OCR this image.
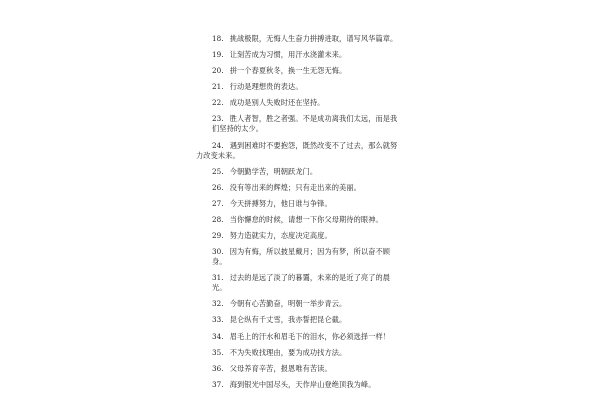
18. 挑战极限，无悔人生奋力拼搏进取，谱写风华篇章。
19. 让刻苦成为习惯，用汗水浇灌未来。
20. 拼一个春夏秋冬，换一生无怨无悔。
21. 行动是理想贵的表达。
22. 成功是别人失败时还在坚持。
23. 胜人者智，胜之者强。不是成功离我们太远，而是我们坚持的太少。
24. 遇到困难时不要抱怨，既然改变不了过去，那么就努力改变未来。
25. 今朝勤学苦，明朝跃龙门。
26. 没有等出来的辉煌；只有走出来的美丽。
27. 今天拼搏努力，他日谁与争锋。
28. 当你懈怠的时候，请想一下你父母期待的眼神。
29. 努力造就实力，态度决定高度。
30. 因为有悔，所以披星戴月；因为有梦，所以奋不顾身。
31. 过去的是远了淡了的暮霭，未来的是近了亮了的晨光。
32. 今朝有心苦勤奋，明朝一举步青云。
33. 昆仑纵有千丈雪，我亦誓把昆仑截。
34. 眉毛上的汗水和眉毛下的泪水，你必须选择一样！
35. 不为失败找理由，要为成功找方法。
36. 父母养育辛苦，报恩唯有苦读。
37. 海到银光中国尽头，天作岸山登绝顶我为峰。
